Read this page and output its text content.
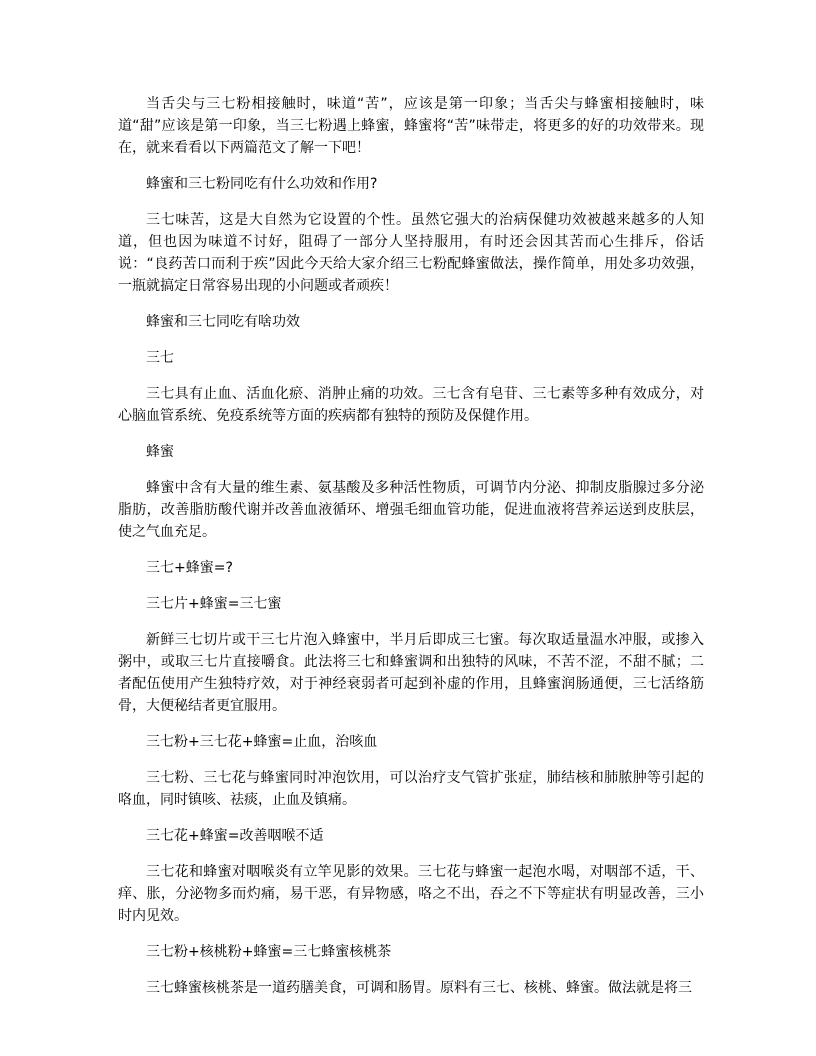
当舌尖与三七粉相接触时，味道“苦”，应该是第一印象；当舌尖与蜂蜜相接触时，味道“甜”应该是第一印象，当三七粉遇上蜂蜜，蜂蜜将“苦”味带走，将更多的好的功效带来。现在，就来看看以下两篇范文了解一下吧！

蜂蜜和三七粉同吃有什么功效和作用?

三七味苦，这是大自然为它设置的个性。虽然它强大的治病保健功效被越来越多的人知道，但也因为味道不讨好，阻碍了一部分人坚持服用，有时还会因其苦而心生排斥，俗话说：“良药苦口而利于疾”因此今天给大家介绍三七粉配蜂蜜做法，操作简单，用处多功效强，一瓶就搞定日常容易出现的小问题或者顽疾！

蜂蜜和三七同吃有啥功效

三七

三七具有止血、活血化瘀、消肿止痛的功效。三七含有皂苷、三七素等多种有效成分，对心脑血管系统、免疫系统等方面的疾病都有独特的预防及保健作用。

蜂蜜

蜂蜜中含有大量的维生素、氨基酸及多种活性物质，可调节内分泌、抑制皮脂腺过多分泌脂肪，改善脂肪酸代谢并改善血液循环、增强毛细血管功能，促进血液将营养运送到皮肤层，使之气血充足。

三七+蜂蜜=?

三七片+蜂蜜=三七蜜

新鲜三七切片或干三七片泡入蜂蜜中，半月后即成三七蜜。每次取适量温水冲服，或掺入粥中，或取三七片直接嚼食。此法将三七和蜂蜜调和出独特的风味，不苦不涩，不甜不腻；二者配伍使用产生独特疗效，对于神经衰弱者可起到补虚的作用，且蜂蜜润肠通便，三七活络筋骨，大便秘结者更宜服用。

三七粉+三七花+蜂蜜=止血，治咳血

三七粉、三七花与蜂蜜同时冲泡饮用，可以治疗支气管扩张症，肺结核和肺脓肿等引起的咯血，同时镇咳、祛痰，止血及镇痛。

三七花+蜂蜜=改善咽喉不适

三七花和蜂蜜对咽喉炎有立竿见影的效果。三七花与蜂蜜一起泡水喝，对咽部不适，干、痒、胀，分泌物多而灼痛，易干恶，有异物感，咯之不出，吞之不下等症状有明显改善，三小时内见效。

三七粉+核桃粉+蜂蜜=三七蜂蜜核桃茶

三七蜂蜜核桃茶是一道药膳美食，可调和肠胃。原料有三七、核桃、蜂蜜。做法就是将三
